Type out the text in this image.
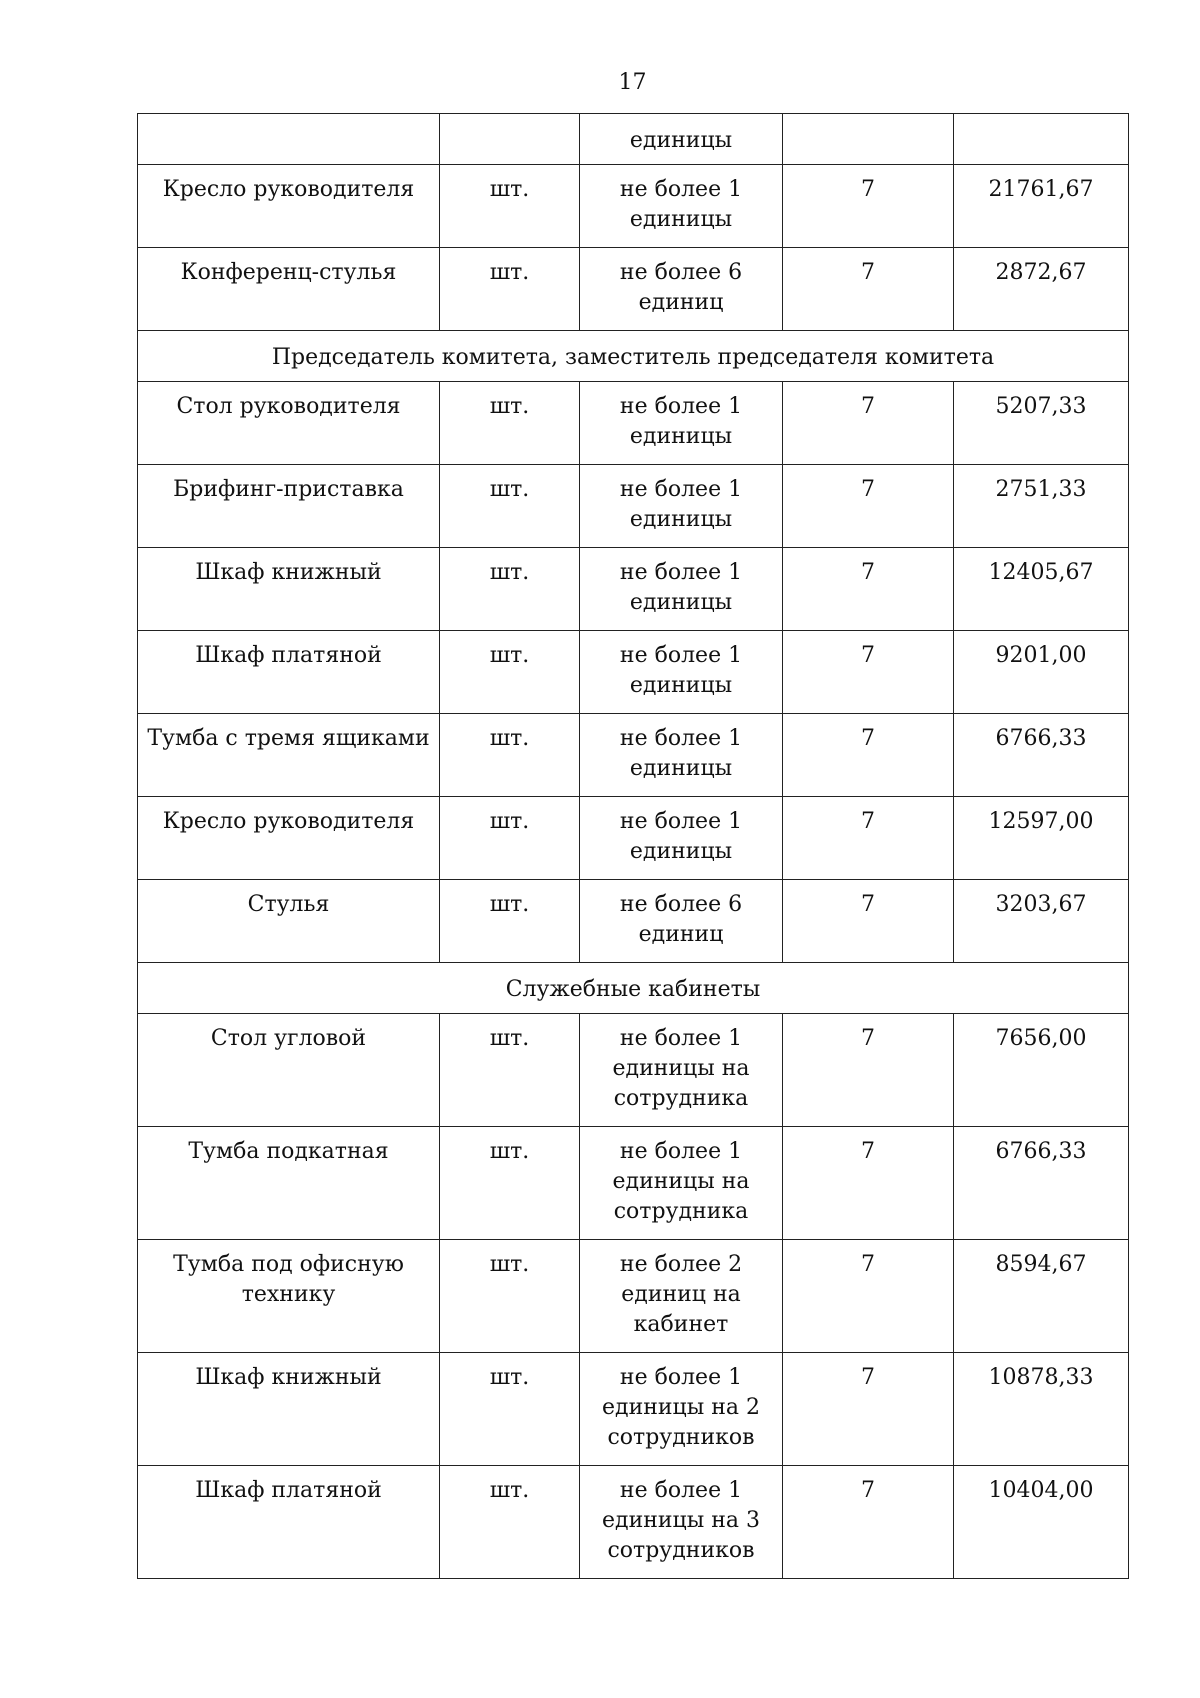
17
		единицы		
Кресло руководителя	шт.	не более 1 единицы	7	21761,67
Конференц-стулья	шт.	не более 6 единиц	7	2872,67
Председатель комитета, заместитель председателя комитета				
Стол руководителя	шт.	не более 1 единицы	7	5207,33
Брифинг-приставка	шт.	не более 1 единицы	7	2751,33
Шкаф книжный	шт.	не более 1 единицы	7	12405,67
Шкаф платяной	шт.	не более 1 единицы	7	9201,00
Тумба с тремя ящиками	шт.	не более 1 единицы	7	6766,33
Кресло руководителя	шт.	не более 1 единицы	7	12597,00
Стулья	шт.	не более 6 единиц	7	3203,67
Служебные кабинеты				
Стол угловой	шт.	не более 1 единицы на сотрудника	7	7656,00
Тумба подкатная	шт.	не более 1 единицы на сотрудника	7	6766,33
Тумба под офисную технику	шт.	не более 2 единиц на кабинет	7	8594,67
Шкаф книжный	шт.	не более 1 единицы на 2 сотрудников	7	10878,33
Шкаф платяной	шт.	не более 1 единицы на 3 сотрудников	7	10404,00
